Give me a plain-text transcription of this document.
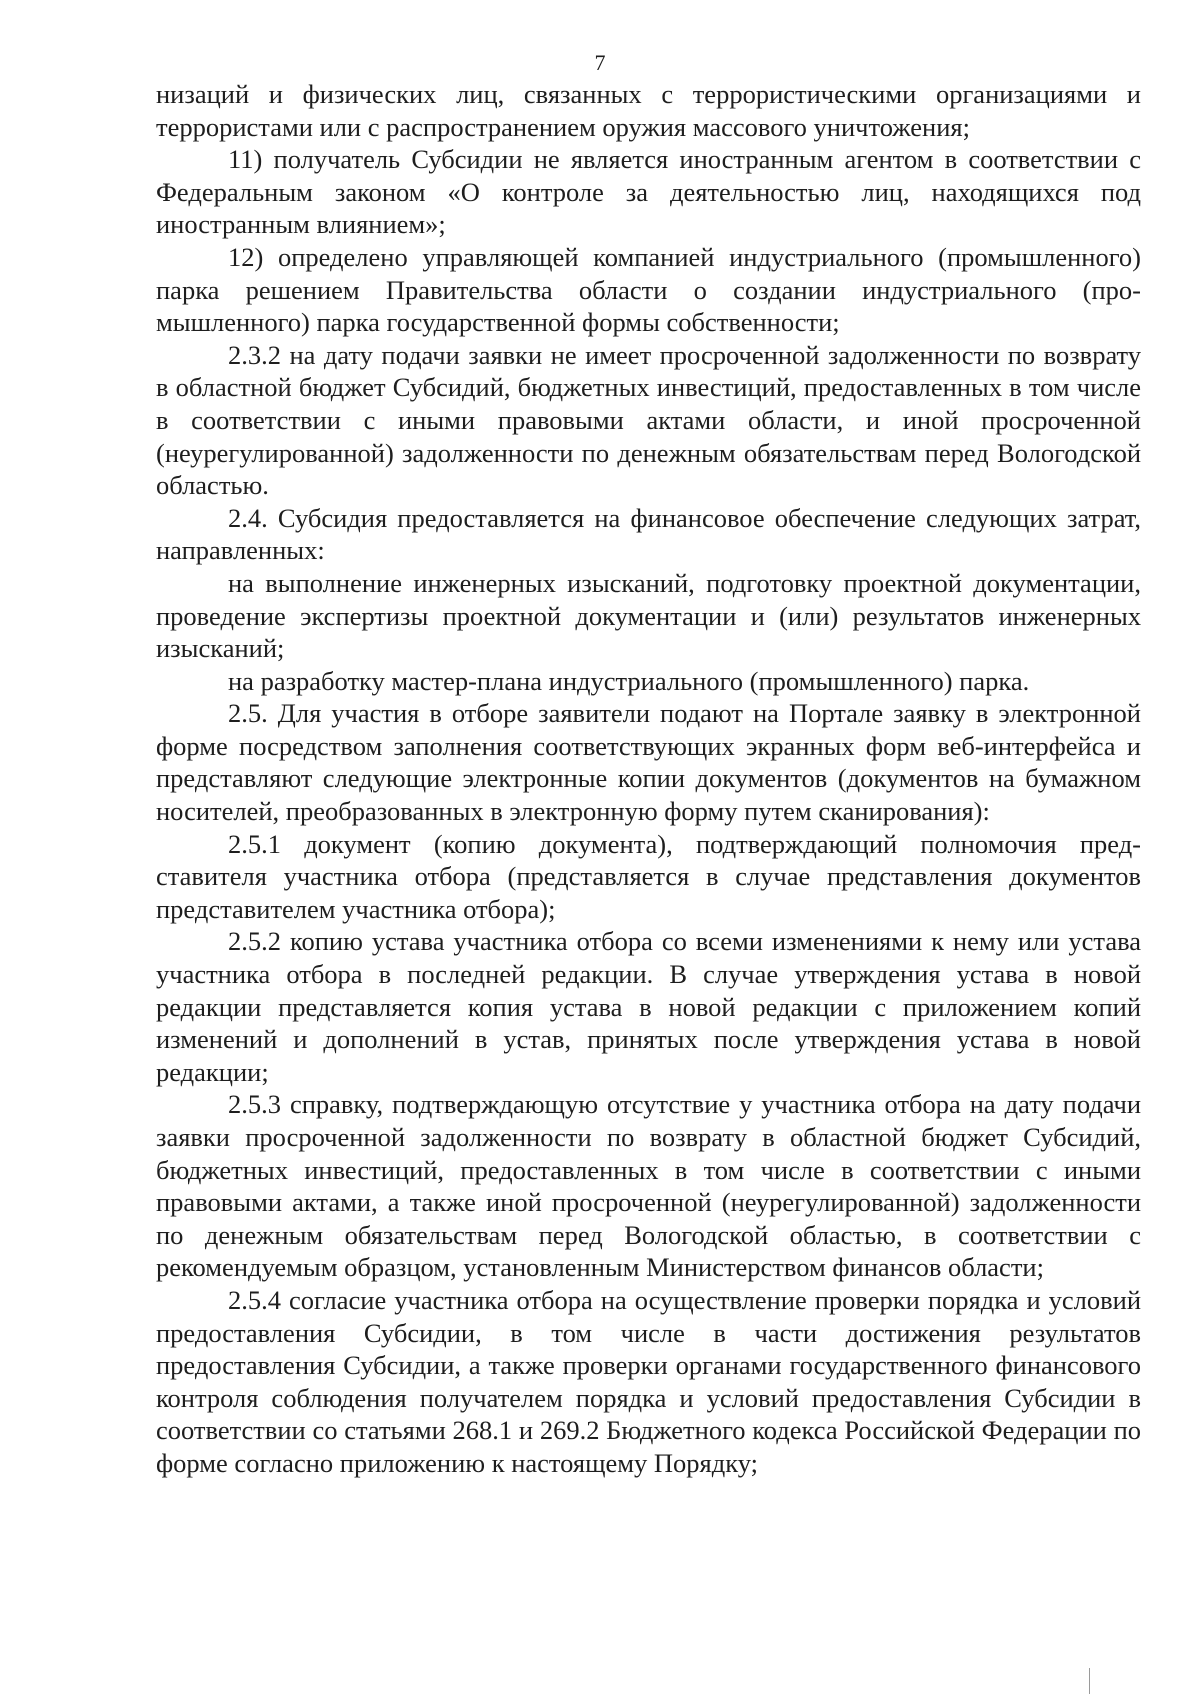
7

низаций и физических лиц, связанных с террористическими организациями и террористами или с распространением оружия массового уничтожения;

11) получатель Субсидии не является иностранным агентом в соответствии с Федеральным законом «О контроле за деятельностью лиц, находящихся под иностранным влиянием»;

12) определено управляющей компанией индустриального (промышленного) парка решением Правительства области о создании индустриального (промышленного) парка государственной формы собственности;

2.3.2 на дату подачи заявки не имеет просроченной задолженности по возврату в областной бюджет Субсидий, бюджетных инвестиций, предоставленных в том числе в соответствии с иными правовыми актами области, и иной просроченной (неурегулированной) задолженности по денежным обязательствам перед Вологодской областью.

2.4. Субсидия предоставляется на финансовое обеспечение следующих затрат, направленных:

на выполнение инженерных изысканий, подготовку проектной документации, проведение экспертизы проектной документации и (или) результатов инженерных изысканий;

на разработку мастер-плана индустриального (промышленного) парка.

2.5. Для участия в отборе заявители подают на Портале заявку в электронной форме посредством заполнения соответствующих экранных форм веб-интерфейса и представляют следующие электронные копии документов (документов на бумажном носителей, преобразованных в электронную форму путем сканирования):

2.5.1 документ (копию документа), подтверждающий полномочия представителя участника отбора (представляется в случае представления документов представителем участника отбора);

2.5.2 копию устава участника отбора со всеми изменениями к нему или устава участника отбора в последней редакции. В случае утверждения устава в новой редакции представляется копия устава в новой редакции с приложением копий изменений и дополнений в устав, принятых после утверждения устава в новой редакции;

2.5.3 справку, подтверждающую отсутствие у участника отбора на дату подачи заявки просроченной задолженности по возврату в областной бюджет Субсидий, бюджетных инвестиций, предоставленных в том числе в соответствии с иными правовыми актами, а также иной просроченной (неурегулированной) задолженности по денежным обязательствам перед Вологодской областью, в соответствии с рекомендуемым образцом, установленным Министерством финансов области;

2.5.4 согласие участника отбора на осуществление проверки порядка и условий предоставления Субсидии, в том числе в части достижения результатов предоставления Субсидии, а также проверки органами государственного финансового контроля соблюдения получателем порядка и условий предоставления Субсидии в соответствии со статьями 268.1 и 269.2 Бюджетного кодекса Российской Федерации по форме согласно приложению к настоящему Порядку;
